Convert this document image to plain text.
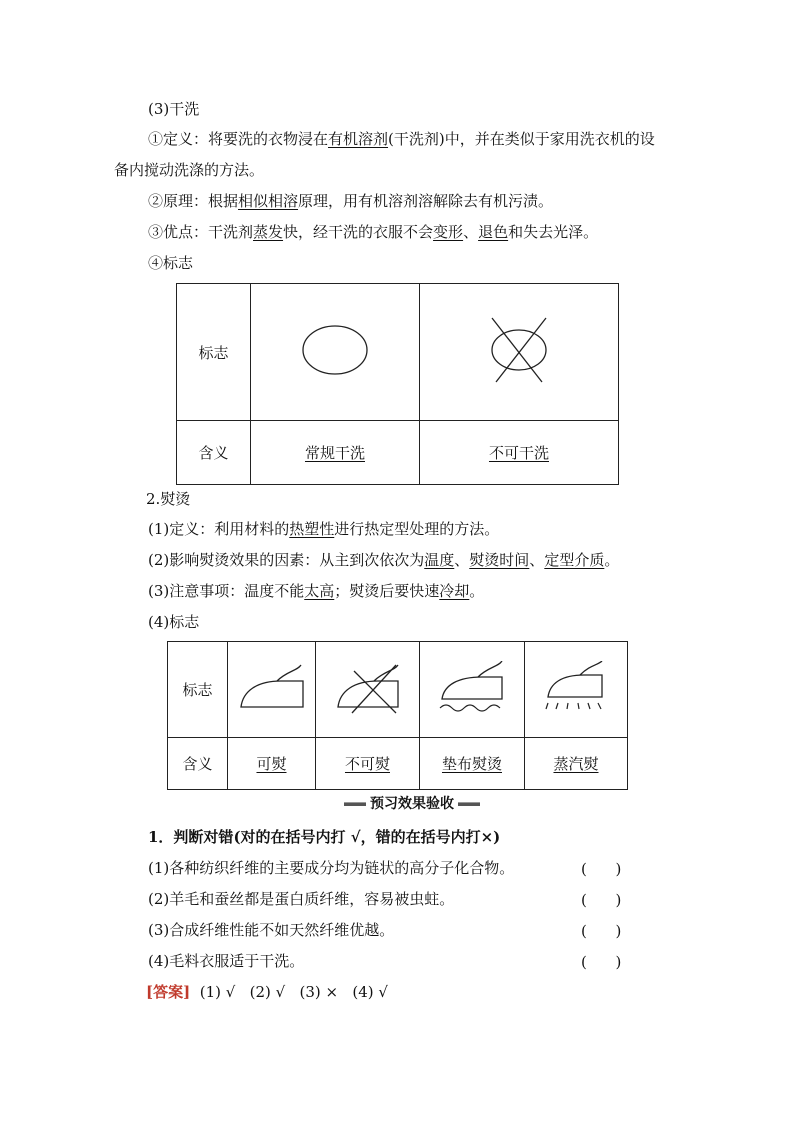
(3)干洗
①定义：将要洗的衣物浸在有机溶剂(干洗剂)中，并在类似于家用洗衣机的设
备内搅动洗涤的方法。
②原理：根据相似相溶原理，用有机溶剂溶解除去有机污渍。
③优点：干洗剂蒸发快，经干洗的衣服不会变形、退色和失去光泽。
④标志
标志		
含义	常规干洗	不可干洗
2.熨烫
(1)定义：利用材料的热塑性进行热定型处理的方法。
(2)影响熨烫效果的因素：从主到次依次为温度、熨烫时间、定型介质。
(3)注意事项：温度不能太高；熨烫后要快速冷却。
(4)标志
标志				
含义	可熨	不可熨	垫布熨烫	蒸汽熨
预习效果验收
1．判断对错(对的在括号内打 √，错的在括号内打×)
(1)各种纺织纤维的主要成分均为链状的高分子化合物。	(      )
(2)羊毛和蚕丝都是蛋白质纤维，容易被虫蛀。	(      )
(3)合成纤维性能不如天然纤维优越。	(      )
(4)毛料衣服适于干洗。	(      )
[答案] (1) √   (2) √   (3) ×   (4) √
